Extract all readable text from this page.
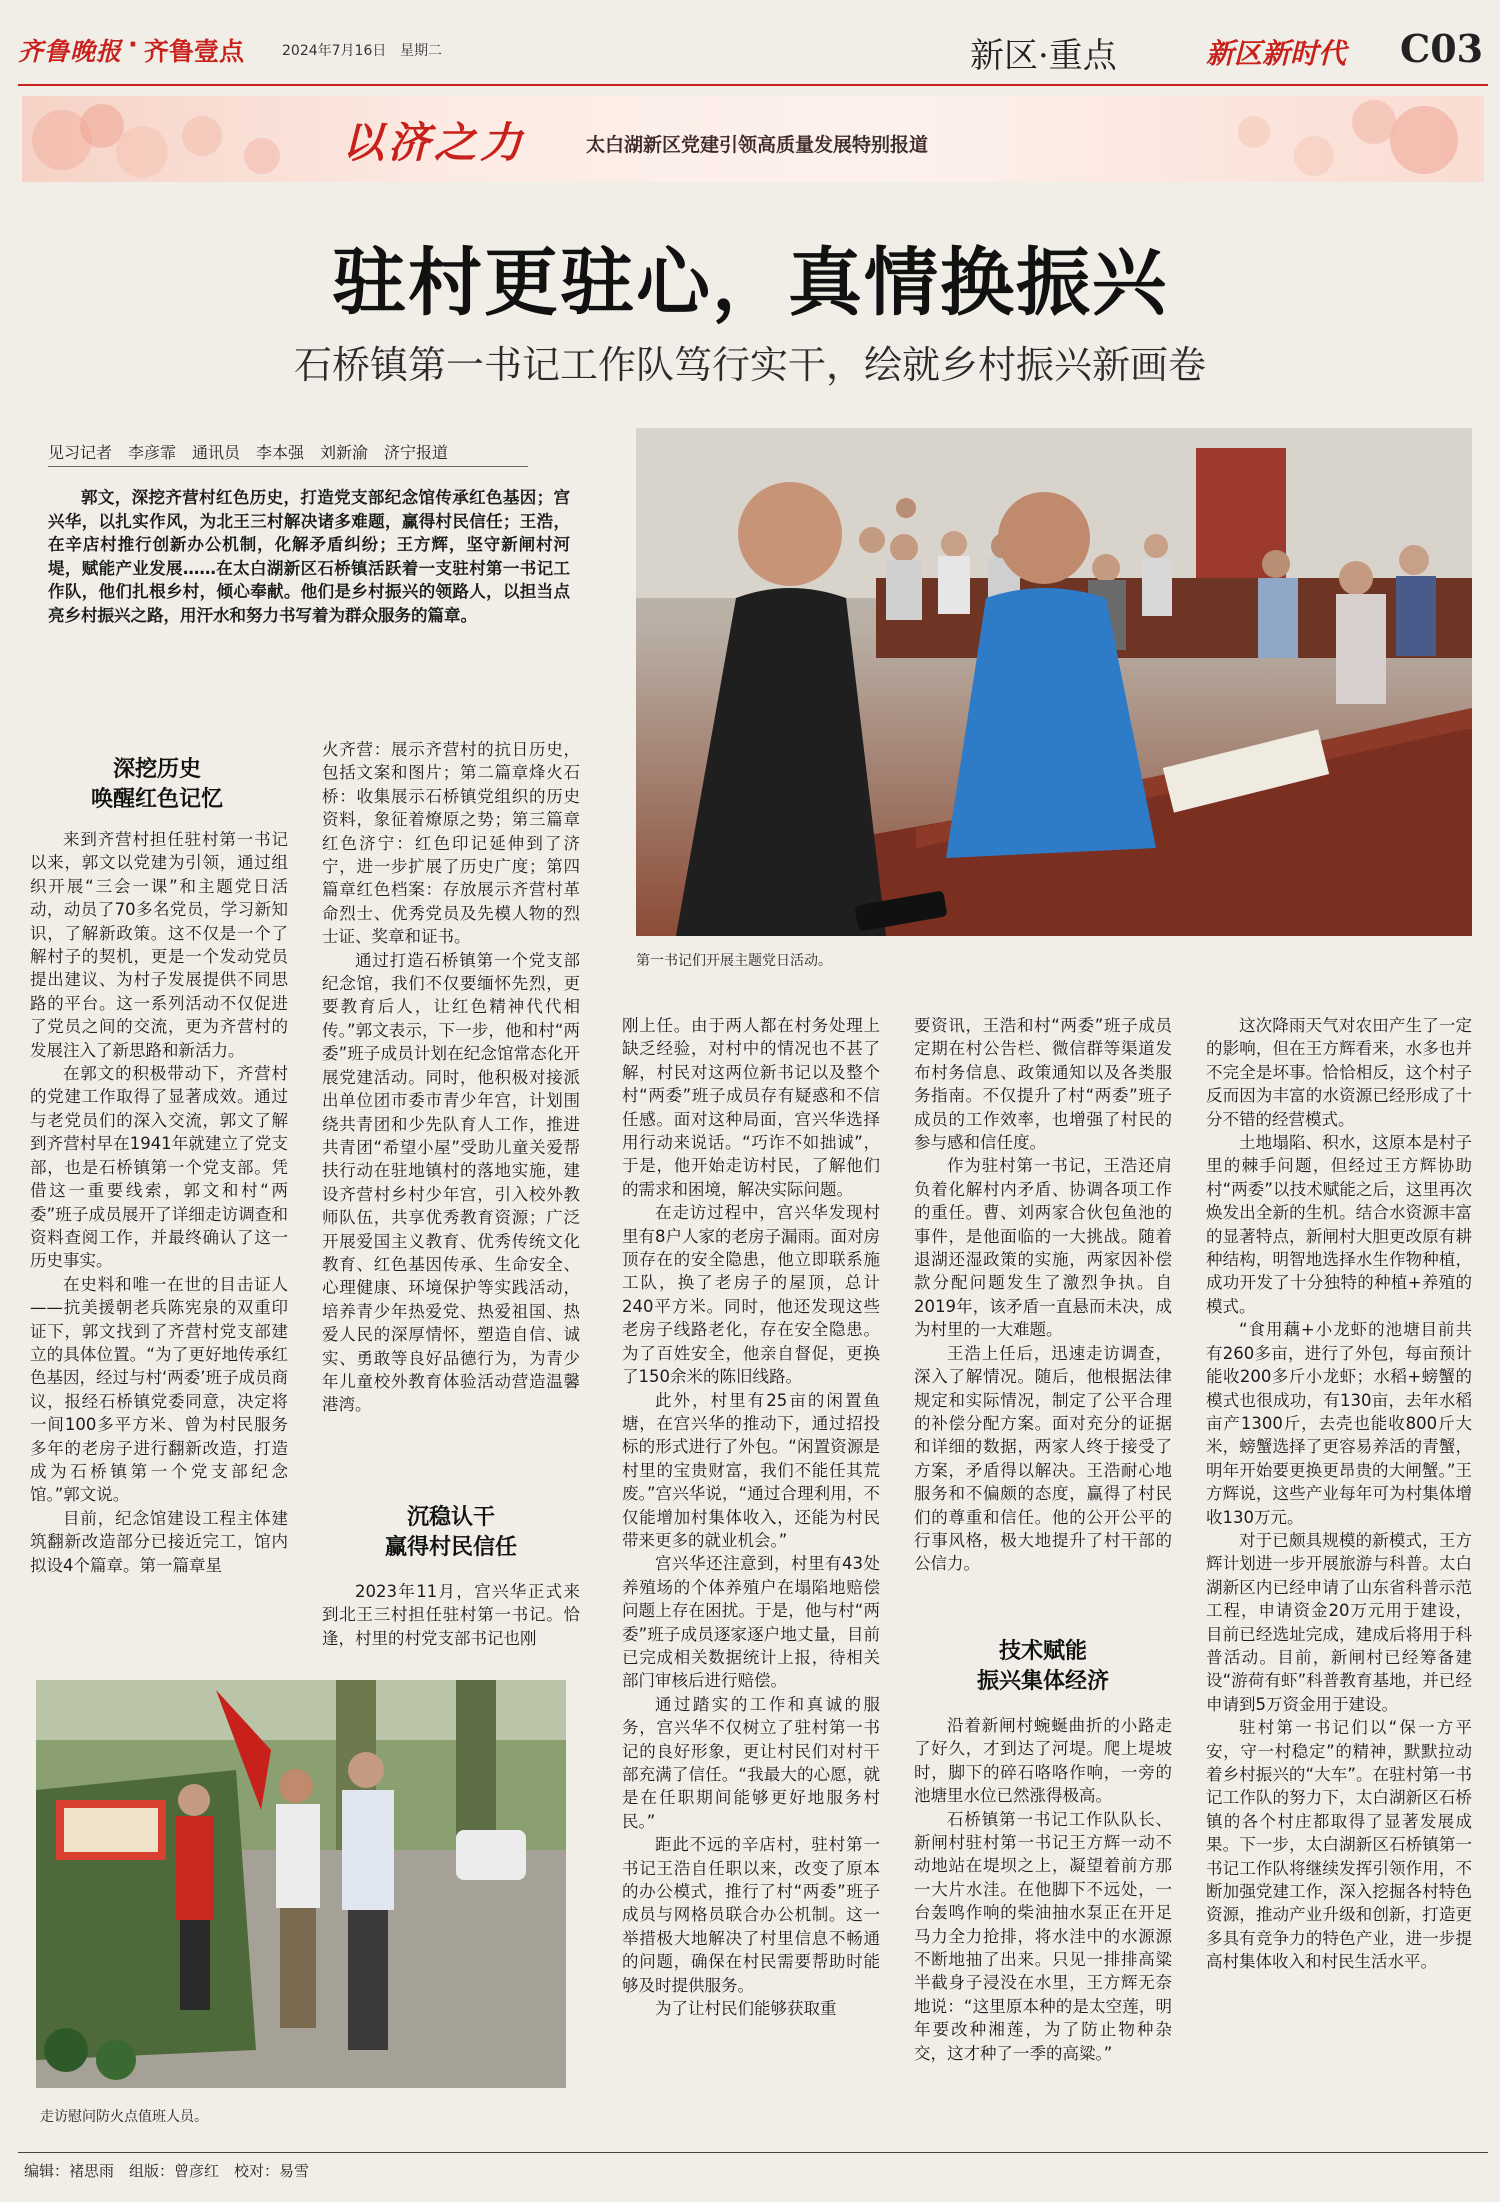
齐鲁晚报 · 齐鲁壹点	2024年7月16日 星期二	新区·重点	新区新时代 C03
以济之力	太白湖新区党建引领高质量发展特别报道
驻村更驻心，真情换振兴
石桥镇第一书记工作队笃行实干，绘就乡村振兴新画卷
见习记者　李彦霏　通讯员　李本强　刘新渝　济宁报道
郭文，深挖齐营村红色历史，打造党支部纪念馆传承红色基因；宫兴华，以扎实作风，为北王三村解决诸多难题，赢得村民信任；王浩，在辛店村推行创新办公机制，化解矛盾纠纷；王方辉，坚守新闸村河堤，赋能产业发展……在太白湖新区石桥镇活跃着一支驻村第一书记工作队，他们扎根乡村，倾心奉献。他们是乡村振兴的领路人，以担当点亮乡村振兴之路，用汗水和努力书写着为群众服务的篇章。
第一书记们开展主题党日活动。
深挖历史
唤醒红色记忆

来到齐营村担任驻村第一书记以来，郭文以党建为引领，通过组织开展“三会一课”和主题党日活动，动员了70多名党员，学习新知识，了解新政策。这不仅是一个了解村子的契机，更是一个发动党员提出建议、为村子发展提供不同思路的平台。这一系列活动不仅促进了党员之间的交流，更为齐营村的发展注入了新思路和新活力。

在郭文的积极带动下，齐营村的党建工作取得了显著成效。通过与老党员们的深入交流，郭文了解到齐营村早在1941年就建立了党支部，也是石桥镇第一个党支部。凭借这一重要线索，郭文和村“两委”班子成员展开了详细走访调查和资料查阅工作，并最终确认了这一历史事实。

在史料和唯一在世的目击证人——抗美援朝老兵陈宪泉的双重印证下，郭文找到了齐营村党支部建立的具体位置。“为了更好地传承红色基因，经过与村‘两委’班子成员商议，报经石桥镇党委同意，决定将一间100多平方米、曾为村民服务多年的老房子进行翻新改造，打造成为石桥镇第一个党支部纪念馆。”郭文说。

目前，纪念馆建设工程主体建筑翻新改造部分已接近完工，馆内拟设4个篇章。第一篇章星

火齐营：展示齐营村的抗日历史，包括文案和图片；第二篇章烽火石桥：收集展示石桥镇党组织的历史资料，象征着燎原之势；第三篇章红色济宁：红色印记延伸到了济宁，进一步扩展了历史广度；第四篇章红色档案：存放展示齐营村革命烈士、优秀党员及先模人物的烈士证、奖章和证书。

通过打造石桥镇第一个党支部纪念馆，我们不仅要缅怀先烈，更要教育后人，让红色精神代代相传。”郭文表示，下一步，他和村“两委”班子成员计划在纪念馆常态化开展党建活动。同时，他积极对接派出单位团市委市青少年宫，计划围绕共青团和少先队育人工作，推进共青团“希望小屋”受助儿童关爱帮扶行动在驻地镇村的落地实施，建设齐营村乡村少年宫，引入校外教师队伍，共享优秀教育资源；广泛开展爱国主义教育、优秀传统文化教育、红色基因传承、生命安全、心理健康、环境保护等实践活动，培养青少年热爱党、热爱祖国、热爱人民的深厚情怀，塑造自信、诚实、勇敢等良好品德行为，为青少年儿童校外教育体验活动营造温馨港湾。

沉稳认干
赢得村民信任

2023年11月，宫兴华正式来到北王三村担任驻村第一书记。恰逢，村里的村党支部书记也刚

走访慰问防火点值班人员。

刚上任。由于两人都在村务处理上缺乏经验，对村中的情况也不甚了解，村民对这两位新书记以及整个村“两委”班子成员存有疑惑和不信任感。面对这种局面，宫兴华选择用行动来说话。“巧诈不如拙诚”，于是，他开始走访村民，了解他们的需求和困境，解决实际问题。

在走访过程中，宫兴华发现村里有8户人家的老房子漏雨。面对房顶存在的安全隐患，他立即联系施工队，换了老房子的屋顶，总计240平方米。同时，他还发现这些老房子线路老化，存在安全隐患。为了百姓安全，他亲自督促，更换了150余米的陈旧线路。

此外，村里有25亩的闲置鱼塘，在宫兴华的推动下，通过招投标的形式进行了外包。“闲置资源是村里的宝贵财富，我们不能任其荒废。”宫兴华说，“通过合理利用，不仅能增加村集体收入，还能为村民带来更多的就业机会。”

宫兴华还注意到，村里有43处养殖场的个体养殖户在塌陷地赔偿问题上存在困扰。于是，他与村“两委”班子成员逐家逐户地丈量，目前已完成相关数据统计上报，待相关部门审核后进行赔偿。

通过踏实的工作和真诚的服务，宫兴华不仅树立了驻村第一书记的良好形象，更让村民们对村干部充满了信任。“我最大的心愿，就是在任职期间能够更好地服务村民。”

距此不远的辛店村，驻村第一书记王浩自任职以来，改变了原本的办公模式，推行了村“两委”班子成员与网格员联合办公机制。这一举措极大地解决了村里信息不畅通的问题，确保在村民需要帮助时能够及时提供服务。

为了让村民们能够获取重

要资讯，王浩和村“两委”班子成员定期在村公告栏、微信群等渠道发布村务信息、政策通知以及各类服务指南。不仅提升了村“两委”班子成员的工作效率，也增强了村民的参与感和信任度。

作为驻村第一书记，王浩还肩负着化解村内矛盾、协调各项工作的重任。曹、刘两家合伙包鱼池的事件，是他面临的一大挑战。随着退湖还湿政策的实施，两家因补偿款分配问题发生了激烈争执。自2019年，该矛盾一直悬而未决，成为村里的一大难题。

王浩上任后，迅速走访调查，深入了解情况。随后，他根据法律规定和实际情况，制定了公平合理的补偿分配方案。面对充分的证据和详细的数据，两家人终于接受了方案，矛盾得以解决。王浩耐心地服务和不偏颇的态度，赢得了村民们的尊重和信任。他的公开公平的行事风格，极大地提升了村干部的公信力。

技术赋能
振兴集体经济

沿着新闸村蜿蜒曲折的小路走了好久，才到达了河堤。爬上堤坡时，脚下的碎石咯咯作响，一旁的池塘里水位已然涨得极高。

石桥镇第一书记工作队队长、新闸村驻村第一书记王方辉一动不动地站在堤坝之上，凝望着前方那一大片水洼。在他脚下不远处，一台轰鸣作响的柴油抽水泵正在开足马力全力抢排，将水洼中的水源源不断地抽了出来。只见一排排高粱半截身子浸没在水里，王方辉无奈地说：“这里原本种的是太空莲，明年要改种湘莲，为了防止物种杂交，这才种了一季的高粱。”

这次降雨天气对农田产生了一定的影响，但在王方辉看来，水多也并不完全是坏事。恰恰相反，这个村子反而因为丰富的水资源已经形成了十分不错的经营模式。

土地塌陷、积水，这原本是村子里的棘手问题，但经过王方辉协助村“两委”以技术赋能之后，这里再次焕发出全新的生机。结合水资源丰富的显著特点，新闸村大胆更改原有耕种结构，明智地选择水生作物种植，成功开发了十分独特的种植+养殖的模式。

“食用藕+小龙虾的池塘目前共有260多亩，进行了外包，每亩预计能收200多斤小龙虾；水稻+螃蟹的模式也很成功，有130亩，去年水稻亩产1300斤，去壳也能收800斤大米，螃蟹选择了更容易养活的青蟹，明年开始要更换更昂贵的大闸蟹。”王方辉说，这些产业每年可为村集体增收130万元。

对于已颇具规模的新模式，王方辉计划进一步开展旅游与科普。太白湖新区内已经申请了山东省科普示范工程，申请资金20万元用于建设，目前已经选址完成，建成后将用于科普活动。目前，新闸村已经筹备建设“游荷有虾”科普教育基地，并已经申请到5万资金用于建设。

驻村第一书记们以“保一方平安，守一村稳定”的精神，默默拉动着乡村振兴的“大车”。在驻村第一书记工作队的努力下，太白湖新区石桥镇的各个村庄都取得了显著发展成果。下一步，太白湖新区石桥镇第一书记工作队将继续发挥引领作用，不断加强党建工作，深入挖掘各村特色资源，推动产业升级和创新，打造更多具有竞争力的特色产业，进一步提高村集体收入和村民生活水平。

编辑：褚思雨　组版：曾彦红　校对：易雪
